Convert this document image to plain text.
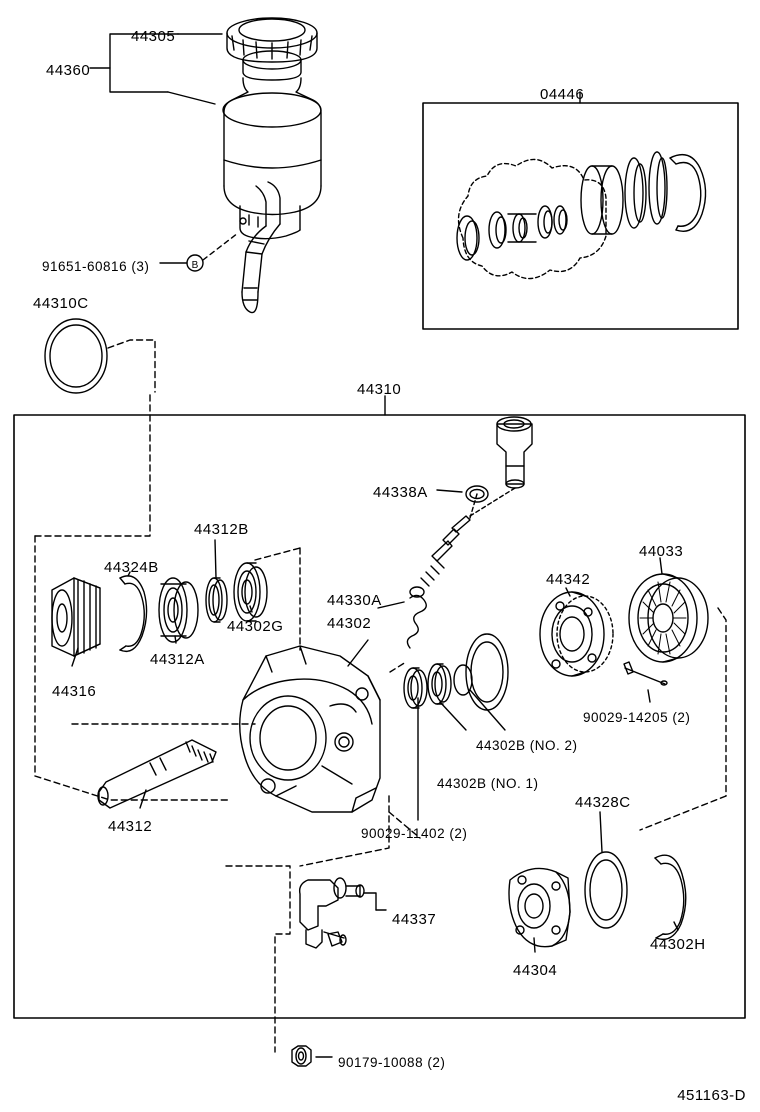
B
44305
44360
04446
91651-60816 (3)
44310C
44310
44338A
44324B
44312B
44302G
44312A
44316
44330A
44302
44342
44033
90029-14205 (2)
44302B (NO. 2)
44302B (NO. 1)
44312	90029-11402 (2)
44328C
44337
44302H
44304
90179-10088 (2)
451163-D
